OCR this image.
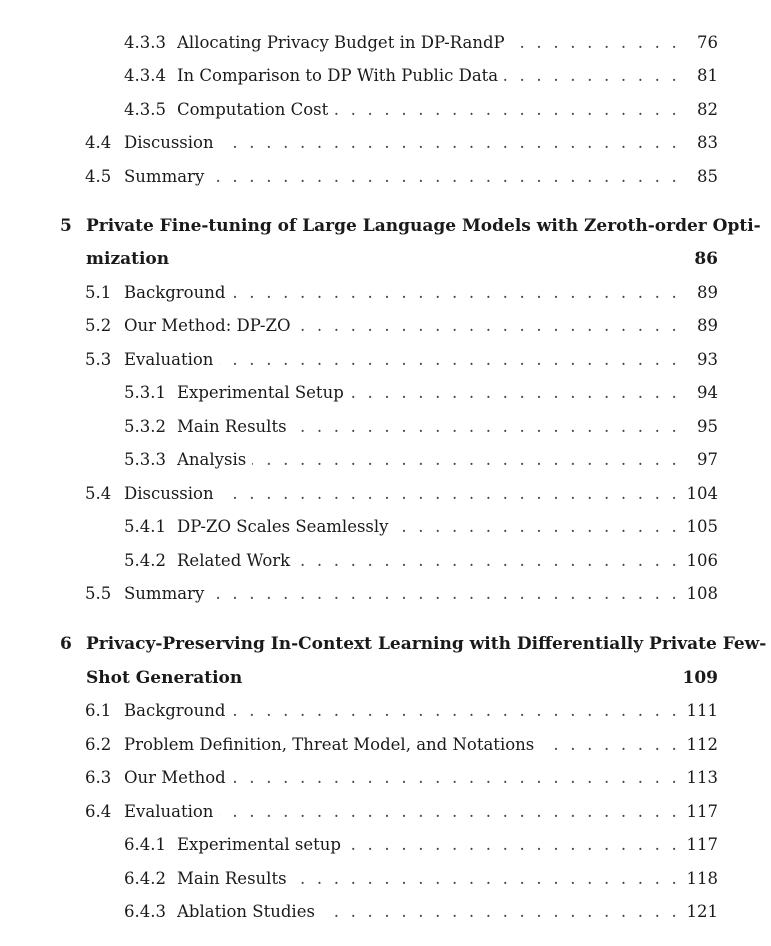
4.3.3 Allocating Privacy Budget in DP-RandP . . .	76
4.3.4 In Comparison to DP With Public Data . . .	81
4.3.5 Computation Cost . . .	82
4.4 Discussion . . .	83
4.5 Summary . . .	85
5 Private Fine-tuning of Large Language Models with Zeroth-order Opti-
mization	86
5.1 Background . . .	89
5.2 Our Method: DP-ZO . . .	89
5.3 Evaluation . . .	93
5.3.1 Experimental Setup . . .	94
5.3.2 Main Results . . .	95
5.3.3 Analysis . . .	97
5.4 Discussion . . .	104
5.4.1 DP-ZO Scales Seamlessly . . .	105
5.4.2 Related Work . . .	106
5.5 Summary . . .	108
6 Privacy-Preserving In-Context Learning with Differentially Private Few-
Shot Generation	109
6.1 Background . . .	111
6.2 Problem Definition, Threat Model, and Notations . . .	112
6.3 Our Method . . .	113
6.4 Evaluation . . .	117
6.4.1 Experimental setup . . .	117
6.4.2 Main Results . . .	118
6.4.3 Ablation Studies . . .	121
